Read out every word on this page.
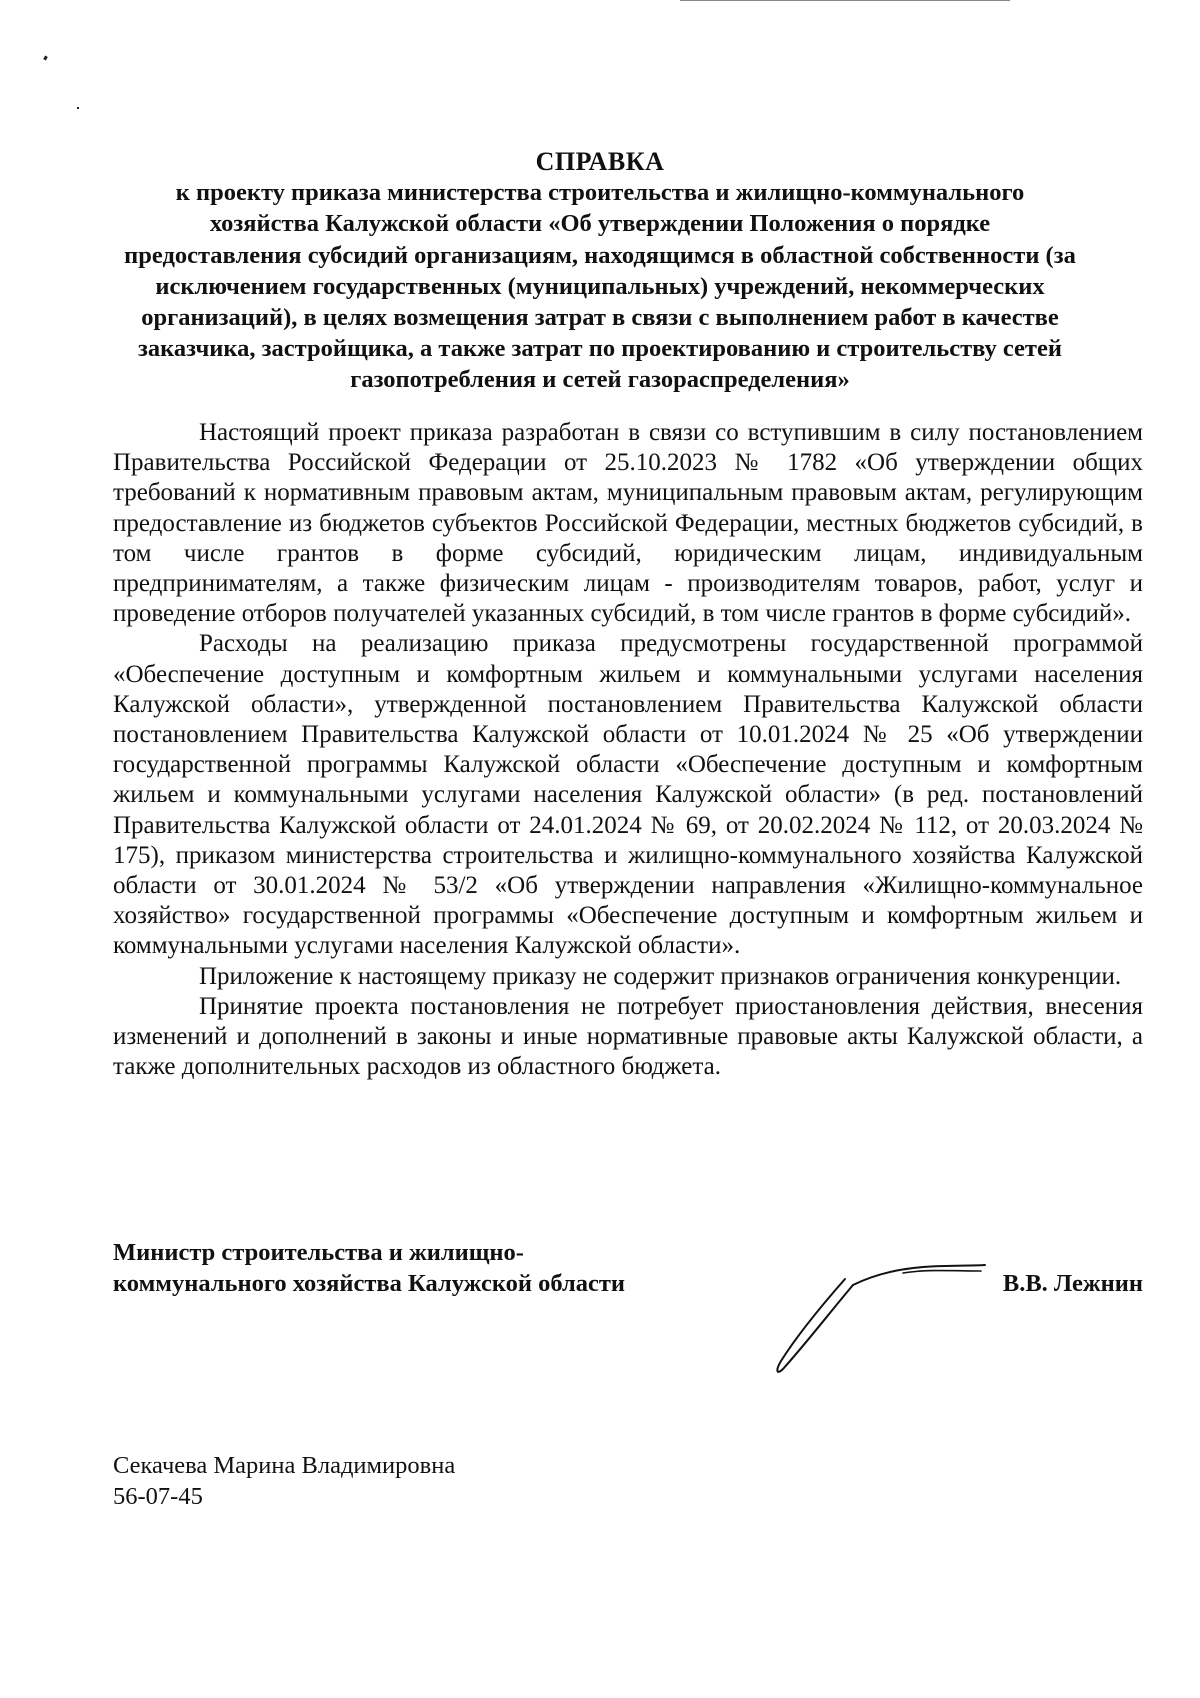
СПРАВКА
к проекту приказа министерства строительства и жилищно-коммунального
хозяйства Калужской области «Об утверждении Положения о порядке
предоставления субсидий организациям, находящимся в областной собственности (за
исключением государственных (муниципальных) учреждений, некоммерческих
организаций), в целях возмещения затрат в связи с выполнением работ в качестве
заказчика, застройщика, а также затрат по проектированию и строительству сетей
газопотребления и сетей газораспределения»

Настоящий проект приказа разработан в связи со вступившим в силу постановлением Правительства Российской Федерации от 25.10.2023 № 1782 «Об утверждении общих требований к нормативным правовым актам, муниципальным правовым актам, регулирующим предоставление из бюджетов субъектов Российской Федерации, местных бюджетов субсидий, в том числе грантов в форме субсидий, юридическим лицам, индивидуальным предпринимателям, а также физическим лицам - производителям товаров, работ, услуг и проведение отборов получателей указанных субсидий, в том числе грантов в форме субсидий».

Расходы на реализацию приказа предусмотрены государственной программой «Обеспечение доступным и комфортным жильем и коммунальными услугами населения Калужской области», утвержденной постановлением Правительства Калужской области постановлением Правительства Калужской области от 10.01.2024 № 25 «Об утверждении государственной программы Калужской области «Обеспечение доступным и комфортным жильем и коммунальными услугами населения Калужской области» (в ред. постановлений Правительства Калужской области от 24.01.2024 № 69, от 20.02.2024 № 112, от 20.03.2024 № 175), приказом министерства строительства и жилищно-коммунального хозяйства Калужской области от 30.01.2024 № 53/2 «Об утверждении направления «Жилищно-коммунальное хозяйство» государственной программы «Обеспечение доступным и комфортным жильем и коммунальными услугами населения Калужской области».

Приложение к настоящему приказу не содержит признаков ограничения конкуренции.

Принятие проекта постановления не потребует приостановления действия, внесения изменений и дополнений в законы и иные нормативные правовые акты Калужской области, а также дополнительных расходов из областного бюджета.

Министр строительства и жилищно-
коммунального хозяйства Калужской области	В.В. Лежнин
Секачева Марина Владимировна
56-07-45
